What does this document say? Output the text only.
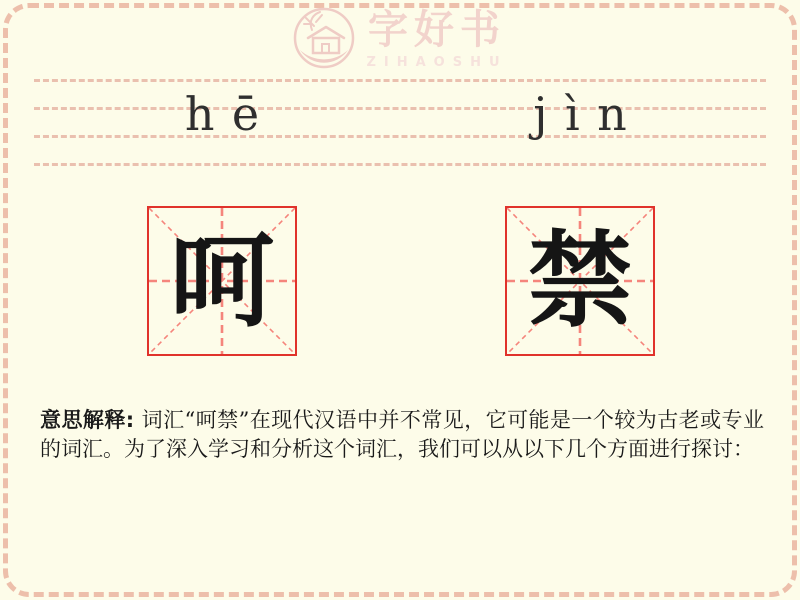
字好书
ZIHAOSHU
hē	jìn
呵 禁

意思解释: 词汇“呵禁”在现代汉语中并不常见，它可能是一个较为古老或专业的词汇。为了深入学习和分析这个词汇，我们可以从以下几个方面进行探讨：
